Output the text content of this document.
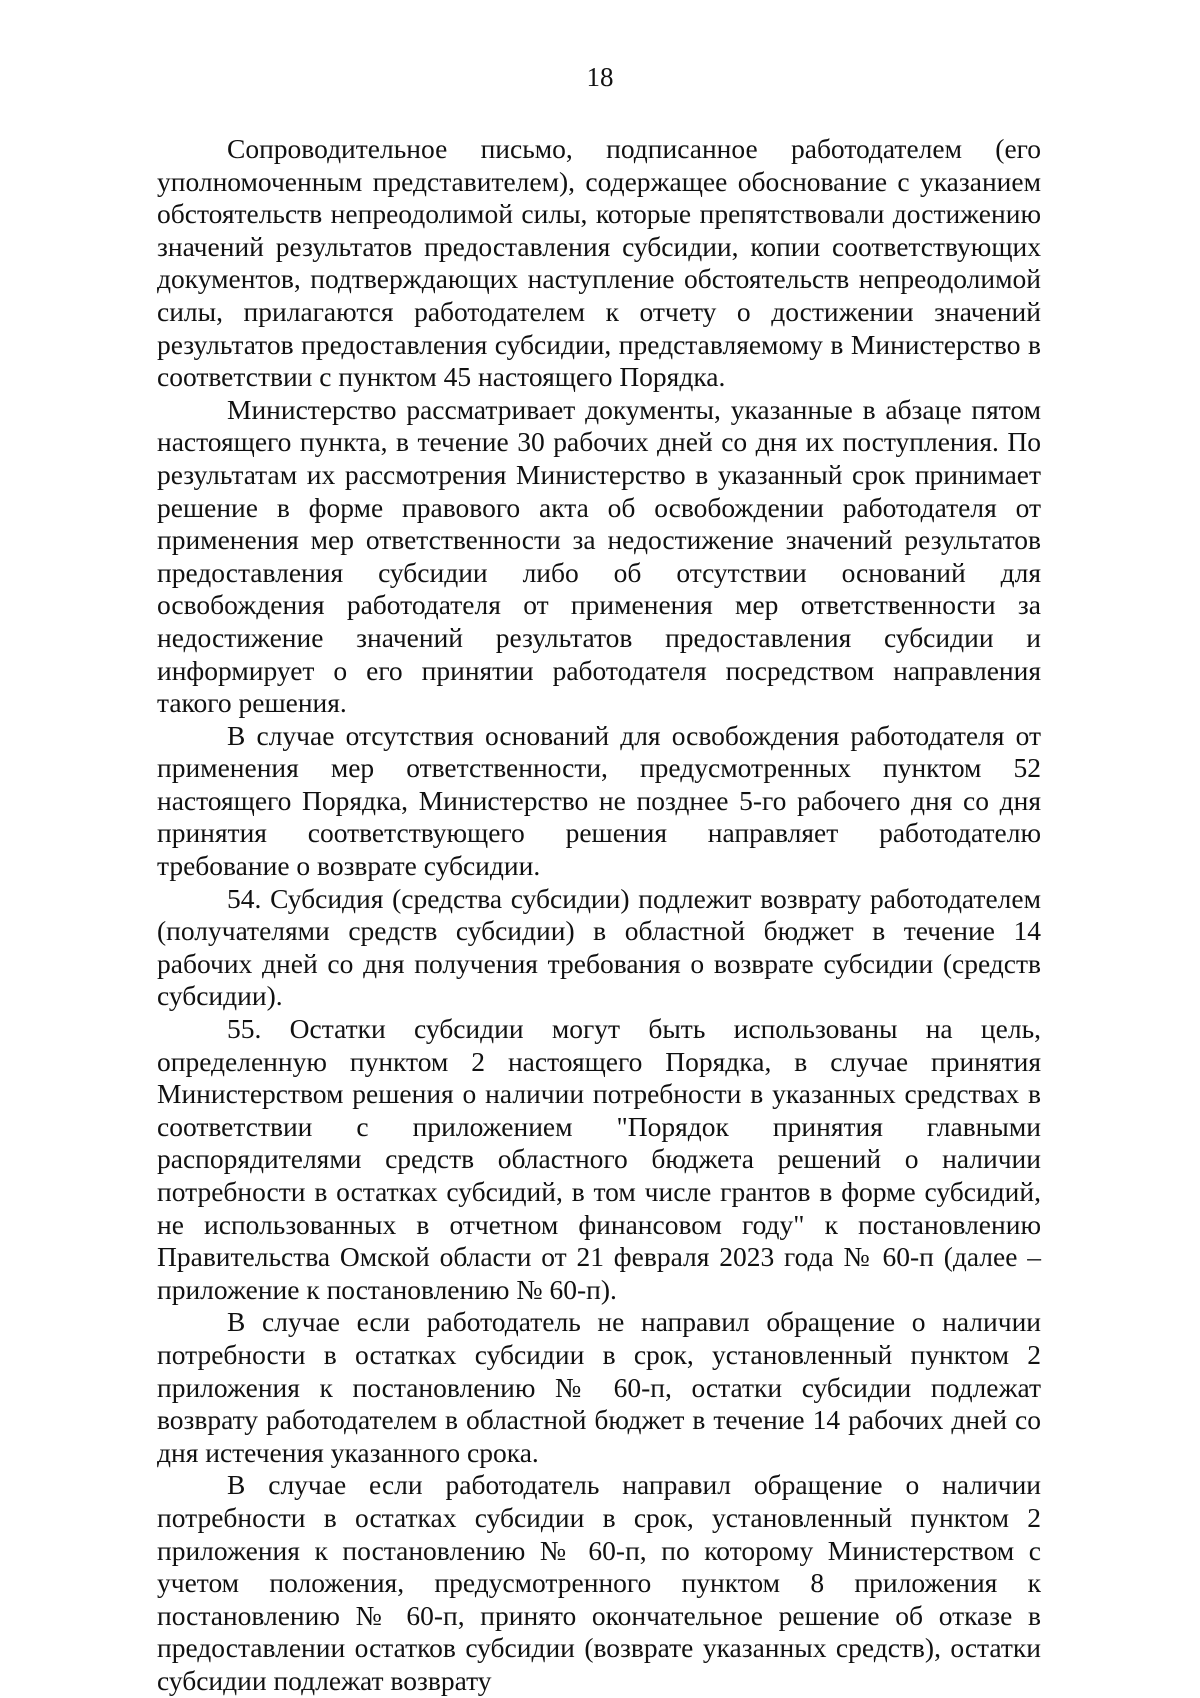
18

Сопроводительное письмо, подписанное работодателем (его уполномоченным представителем), содержащее обоснование с указанием обстоятельств непреодолимой силы, которые препятствовали достижению значений результатов предоставления субсидии, копии соответствующих документов, подтверждающих наступление обстоятельств непреодолимой силы, прилагаются работодателем к отчету о достижении значений результатов предоставления субсидии, представляемому в Министерство в соответствии с пунктом 45 настоящего Порядка.

Министерство рассматривает документы, указанные в абзаце пятом настоящего пункта, в течение 30 рабочих дней со дня их поступления. По результатам их рассмотрения Министерство в указанный срок принимает решение в форме правового акта об освобождении работодателя от применения мер ответственности за недостижение значений результатов предоставления субсидии либо об отсутствии оснований для освобождения работодателя от применения мер ответственности за недостижение значений результатов предоставления субсидии и информирует о его принятии работодателя посредством направления такого решения.

В случае отсутствия оснований для освобождения работодателя от применения мер ответственности, предусмотренных пунктом 52 настоящего Порядка, Министерство не позднее 5-го рабочего дня со дня принятия соответствующего решения направляет работодателю требование о возврате субсидии.

54. Субсидия (средства субсидии) подлежит возврату работодателем (получателями средств субсидии) в областной бюджет в течение 14 рабочих дней со дня получения требования о возврате субсидии (средств субсидии).

55. Остатки субсидии могут быть использованы на цель, определенную пунктом 2 настоящего Порядка, в случае принятия Министерством решения о наличии потребности в указанных средствах в соответствии с приложением "Порядок принятия главными распорядителями средств областного бюджета решений о наличии потребности в остатках субсидий, в том числе грантов в форме субсидий, не использованных в отчетном финансовом году" к постановлению Правительства Омской области от 21 февраля 2023 года № 60-п (далее – приложение к постановлению № 60-п).

В случае если работодатель не направил обращение о наличии потребности в остатках субсидии в срок, установленный пунктом 2 приложения к постановлению № 60-п, остатки субсидии подлежат возврату работодателем в областной бюджет в течение 14 рабочих дней со дня истечения указанного срока.

В случае если работодатель направил обращение о наличии потребности в остатках субсидии в срок, установленный пунктом 2 приложения к постановлению № 60-п, по которому Министерством с учетом положения, предусмотренного пунктом 8 приложения к постановлению № 60-п, принято окончательное решение об отказе в предоставлении остатков субсидии (возврате указанных средств), остатки субсидии подлежат возврату
